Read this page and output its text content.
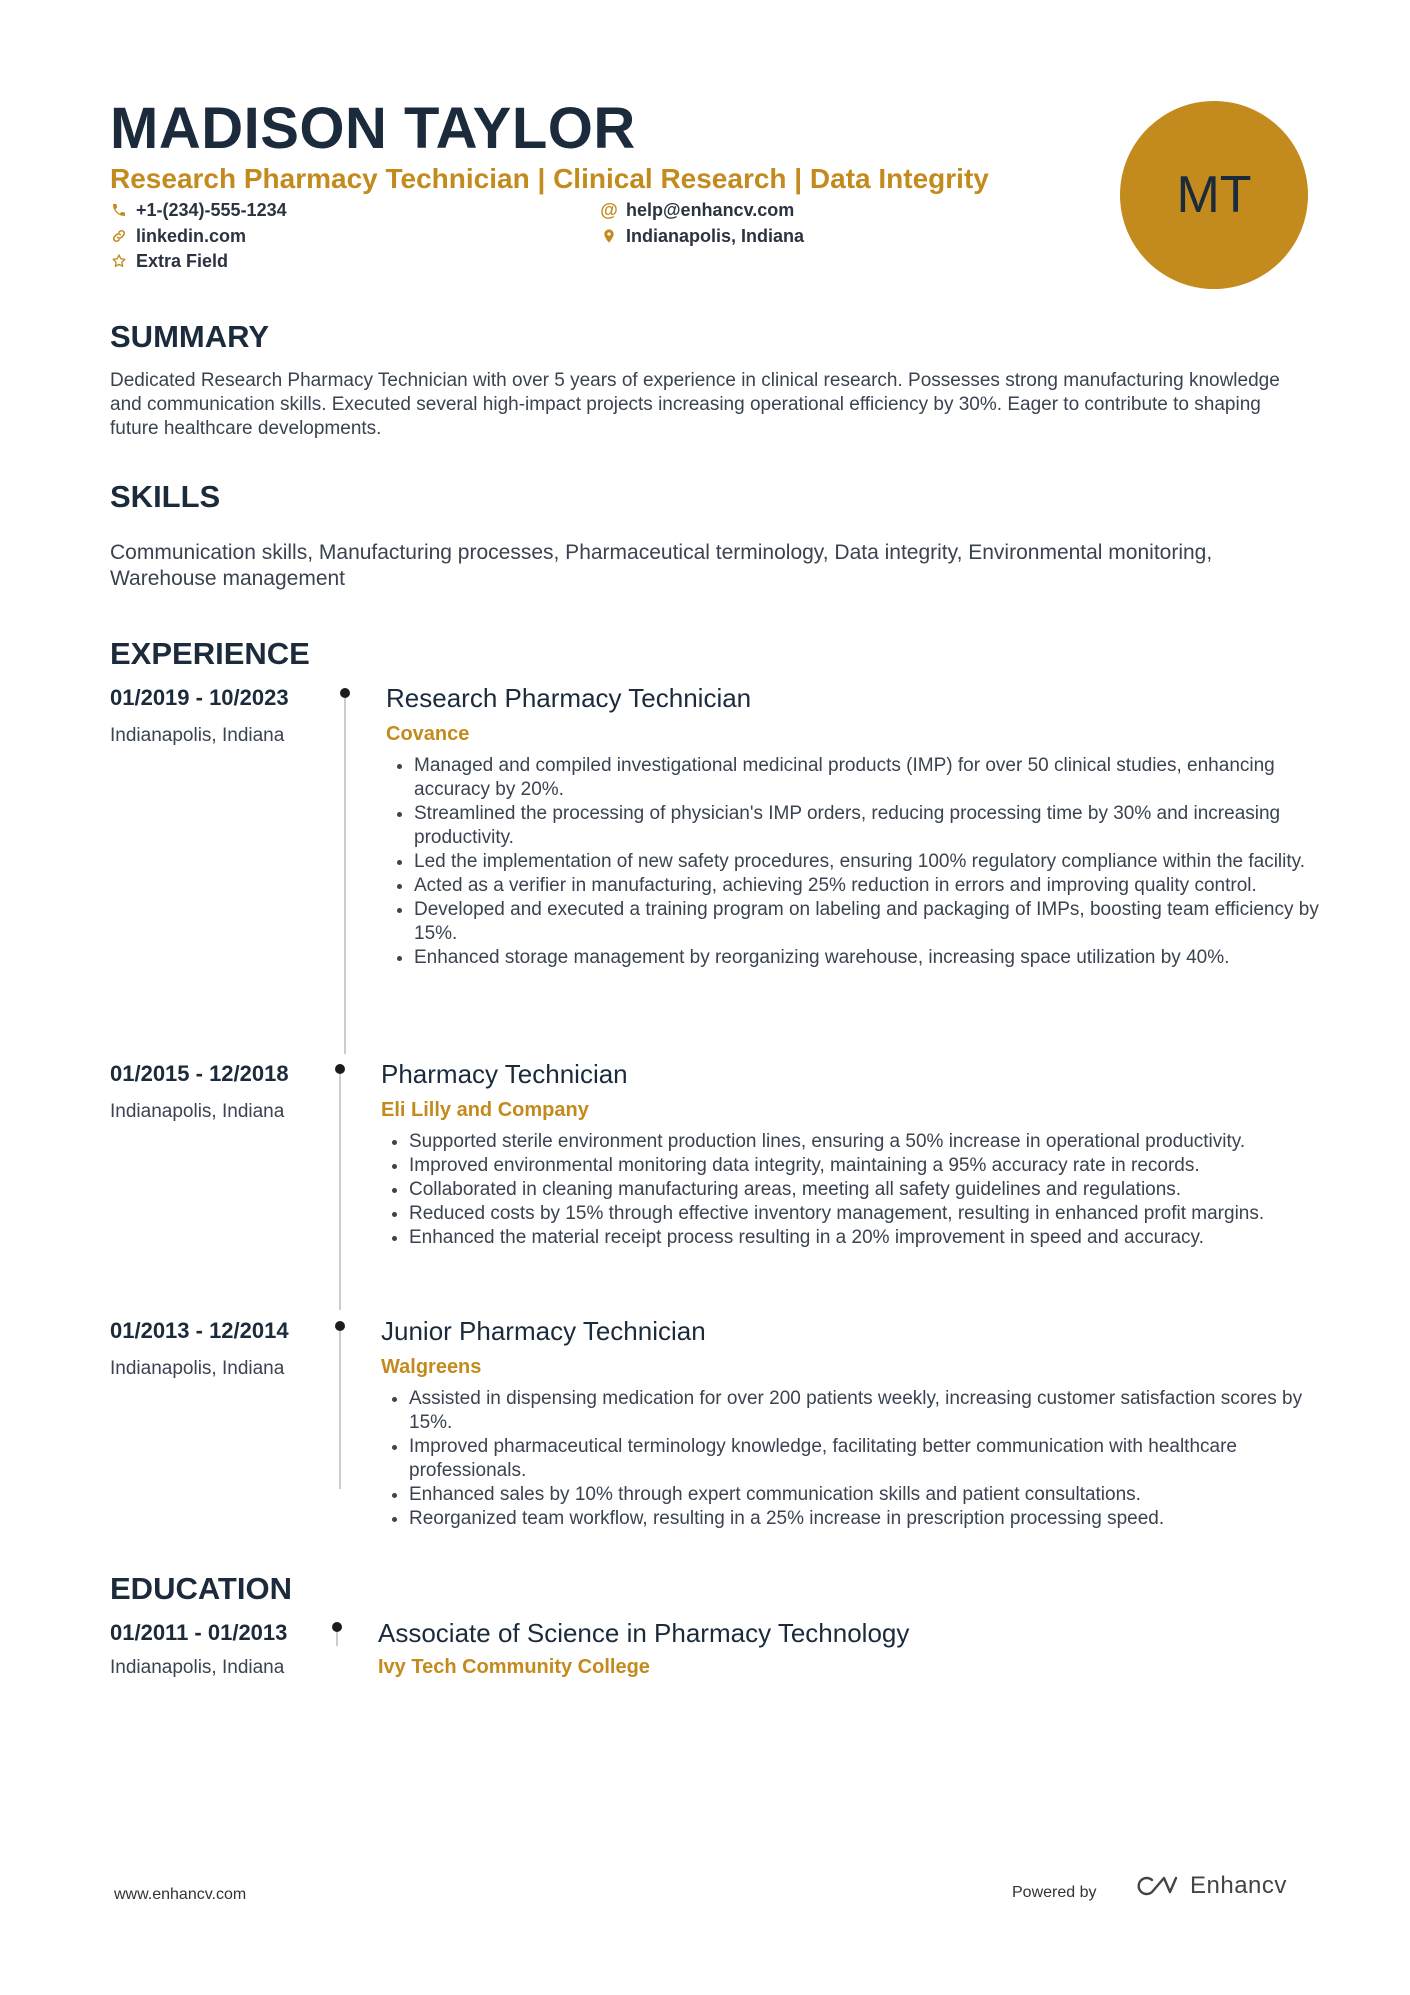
MADISON TAYLOR
Research Pharmacy Technician | Clinical Research | Data Integrity
+1-(234)-555-1234
linkedin.com
Extra Field
@ help@enhancv.com
Indianapolis, Indiana
MT
SUMMARY

Dedicated Research Pharmacy Technician with over 5 years of experience in clinical research. Possesses strong manufacturing knowledge and communication skills. Executed several high-impact projects increasing operational efficiency by 30%. Eager to contribute to shaping future healthcare developments.

SKILLS

Communication skills, Manufacturing processes, Pharmaceutical terminology, Data integrity, Environmental monitoring, Warehouse management

EXPERIENCE
01/2019 - 10/2023
Indianapolis, Indiana
Research Pharmacy Technician
Covance
• Managed and compiled investigational medicinal products (IMP) for over 50 clinical studies, enhancing accuracy by 20%.
• Streamlined the processing of physician's IMP orders, reducing processing time by 30% and increasing productivity.
• Led the implementation of new safety procedures, ensuring 100% regulatory compliance within the facility.
• Acted as a verifier in manufacturing, achieving 25% reduction in errors and improving quality control.
• Developed and executed a training program on labeling and packaging of IMPs, boosting team efficiency by 15%.
• Enhanced storage management by reorganizing warehouse, increasing space utilization by 40%.
01/2015 - 12/2018
Indianapolis, Indiana
Pharmacy Technician
Eli Lilly and Company
• Supported sterile environment production lines, ensuring a 50% increase in operational productivity.
• Improved environmental monitoring data integrity, maintaining a 95% accuracy rate in records.
• Collaborated in cleaning manufacturing areas, meeting all safety guidelines and regulations.
• Reduced costs by 15% through effective inventory management, resulting in enhanced profit margins.
• Enhanced the material receipt process resulting in a 20% improvement in speed and accuracy.
01/2013 - 12/2014
Indianapolis, Indiana
Junior Pharmacy Technician
Walgreens
• Assisted in dispensing medication for over 200 patients weekly, increasing customer satisfaction scores by 15%.
• Improved pharmaceutical terminology knowledge, facilitating better communication with healthcare professionals.
• Enhanced sales by 10% through expert communication skills and patient consultations.
• Reorganized team workflow, resulting in a 25% increase in prescription processing speed.
EDUCATION
01/2011 - 01/2013
Indianapolis, Indiana
Associate of Science in Pharmacy Technology
Ivy Tech Community College
www.enhancv.com	Powered by	Enhancv
